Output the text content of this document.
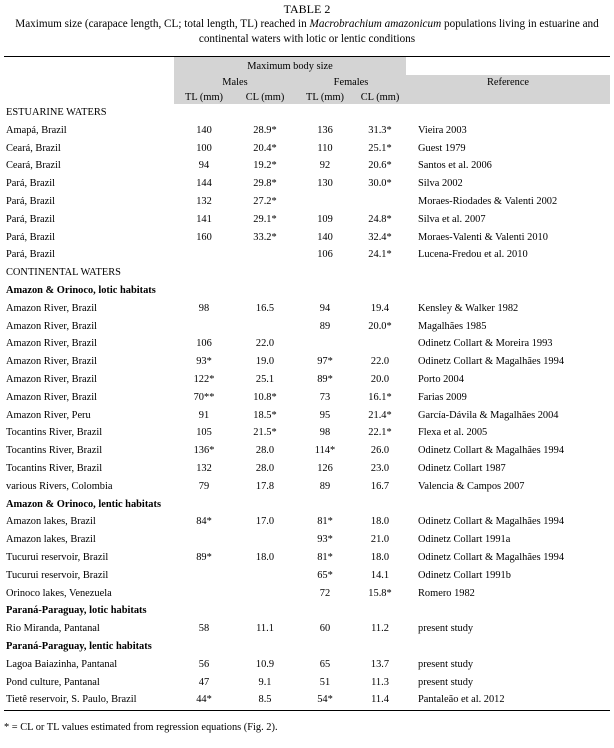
TABLE 2
Maximum size (carapace length, CL; total length, TL) reached in Macrobrachium amazonicum populations living in estuarine and continental waters with lotic or lentic conditions
	Maximum body size				
	Males		Females		Reference
	TL (mm)	CL (mm)	TL (mm)	CL (mm)	
ESTUARINE WATERS					
Amapá, Brazil	140	28.9*	136	31.3*	Vieira 2003
Ceará, Brazil	100	20.4*	110	25.1*	Guest 1979
Ceará, Brazil	94	19.2*	92	20.6*	Santos et al. 2006
Pará, Brazil	144	29.8*	130	30.0*	Silva 2002
Pará, Brazil	132	27.2*			Moraes-Riodades & Valenti 2002
Pará, Brazil	141	29.1*	109	24.8*	Silva et al. 2007
Pará, Brazil	160	33.2*	140	32.4*	Moraes-Valenti & Valenti 2010
Pará, Brazil			106	24.1*	Lucena-Fredou et al. 2010
CONTINENTAL WATERS					
Amazon & Orinoco, lotic habitats					
Amazon River, Brazil	98	16.5	94	19.4	Kensley & Walker 1982
Amazon River, Brazil			89	20.0*	Magalhães 1985
Amazon River, Brazil	106	22.0			Odinetz Collart & Moreira 1993
Amazon River, Brazil	93*	19.0	97*	22.0	Odinetz Collart & Magalhães 1994
Amazon River, Brazil	122*	25.1	89*	20.0	Porto 2004
Amazon River, Brazil	70**	10.8*	73	16.1*	Farias 2009
Amazon River, Peru	91	18.5*	95	21.4*	García-Dávila & Magalhães 2004
Tocantins River, Brazil	105	21.5*	98	22.1*	Flexa et al. 2005
Tocantins River, Brazil	136*	28.0	114*	26.0	Odinetz Collart & Magalhães 1994
Tocantins River, Brazil	132	28.0	126	23.0	Odinetz Collart 1987
various Rivers, Colombia	79	17.8	89	16.7	Valencia & Campos 2007
Amazon & Orinoco, lentic habitats					
Amazon lakes, Brazil	84*	17.0	81*	18.0	Odinetz Collart & Magalhães 1994
Amazon lakes, Brazil			93*	21.0	Odinetz Collart 1991a
Tucurui reservoir, Brazil	89*	18.0	81*	18.0	Odinetz Collart & Magalhães 1994
Tucurui reservoir, Brazil			65*	14.1	Odinetz Collart 1991b
Orinoco lakes, Venezuela			72	15.8*	Romero 1982
Paraná-Paraguay, lotic habitats					
Rio Miranda, Pantanal	58	11.1	60	11.2	present study
Paraná-Paraguay, lentic habitats					
Lagoa Baiazinha, Pantanal	56	10.9	65	13.7	present study
Pond culture, Pantanal	47	9.1	51	11.3	present study
Tietê reservoir, S. Paulo, Brazil	44*	8.5	54*	11.4	Pantaleão et al. 2012
* = CL or TL values estimated from regression equations (Fig. 2).
